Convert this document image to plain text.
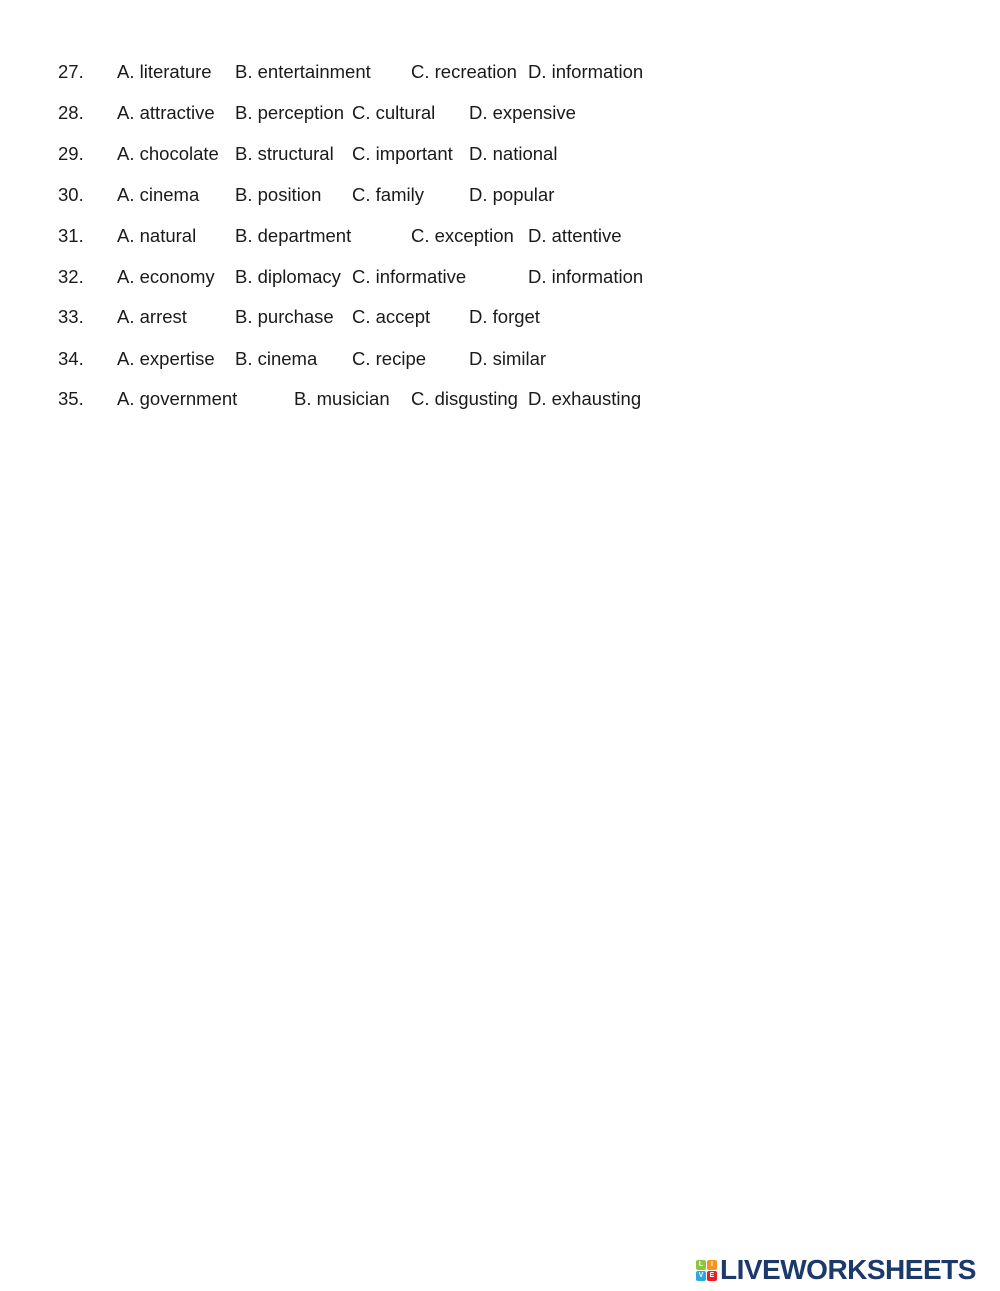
27. A. literature B. entertainment C. recreation D. information
28. A. attractive B. perception C. cultural D. expensive
29. A. chocolate B. structural C. important D. national
30. A. cinema B. position C. family D. popular
31. A. natural B. department	C. exception D. attentive
32. A. economy B. diplomacy C. informative	D. information
33. A. arrest	B. purchase C. accept D. forget
34. A. expertise B. cinema C. recipe D. similar
35. A. government	B. musician C. disgusting D. exhausting
L	I
V E LIVEWORKSHEETS
